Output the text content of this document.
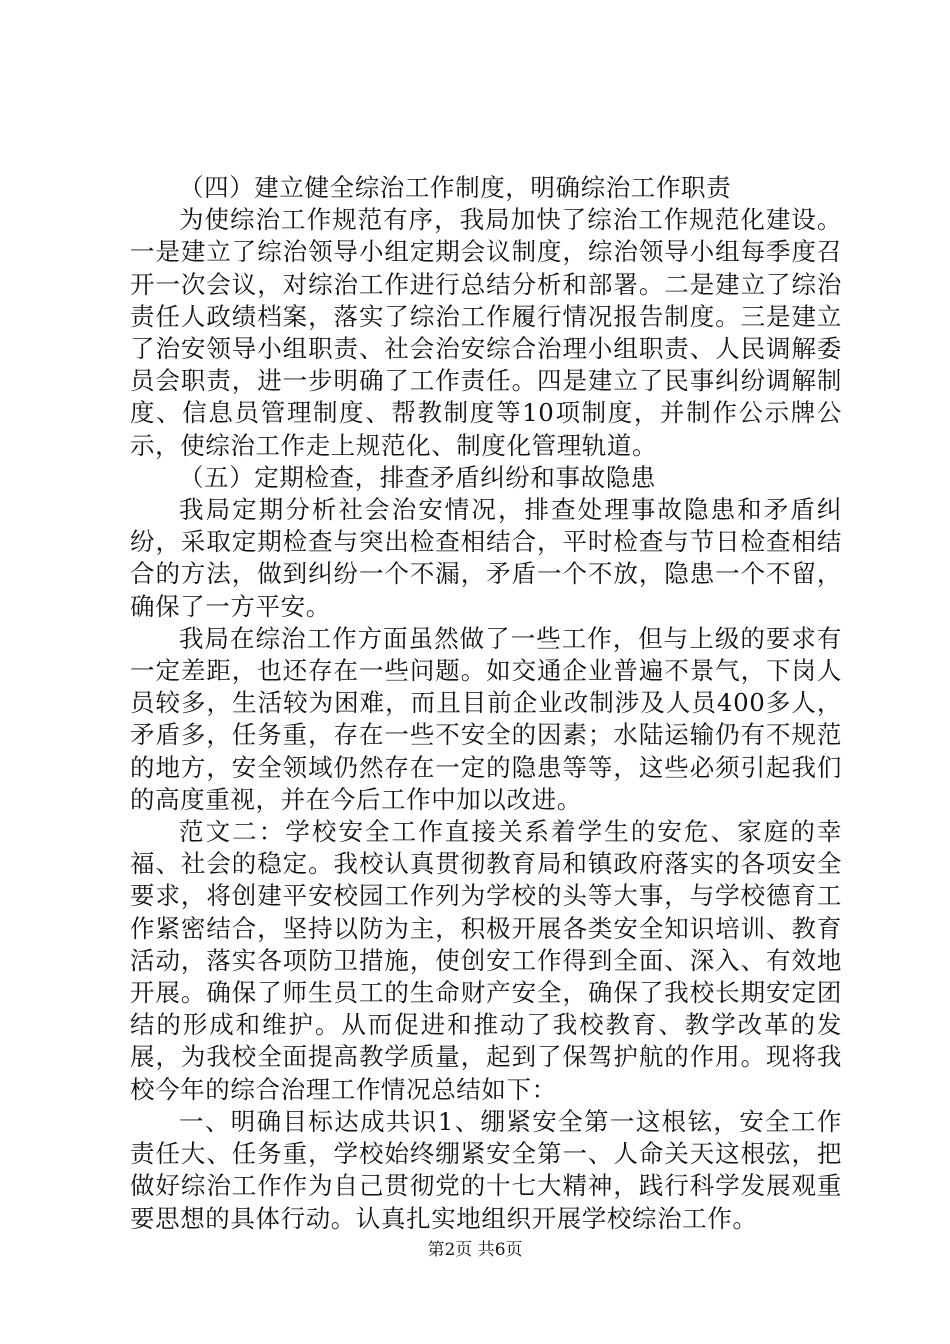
（四）建立健全综治工作制度，明确综治工作职责

为使综治工作规范有序，我局加快了综治工作规范化建设。一是建立了综治领导小组定期会议制度，综治领导小组每季度召开一次会议，对综治工作进行总结分析和部署。二是建立了综治责任人政绩档案，落实了综治工作履行情况报告制度。三是建立了治安领导小组职责、社会治安综合治理小组职责、人民调解委员会职责，进一步明确了工作责任。四是建立了民事纠纷调解制度、信息员管理制度、帮教制度等10项制度，并制作公示牌公示，使综治工作走上规范化、制度化管理轨道。

（五）定期检查，排查矛盾纠纷和事故隐患

我局定期分析社会治安情况，排查处理事故隐患和矛盾纠纷，采取定期检查与突出检查相结合，平时检查与节日检查相结合的方法，做到纠纷一个不漏，矛盾一个不放，隐患一个不留，确保了一方平安。

我局在综治工作方面虽然做了一些工作，但与上级的要求有一定差距，也还存在一些问题。如交通企业普遍不景气，下岗人员较多，生活较为困难，而且目前企业改制涉及人员400多人，矛盾多，任务重，存在一些不安全的因素；水陆运输仍有不规范的地方，安全领域仍然存在一定的隐患等等，这些必须引起我们的高度重视，并在今后工作中加以改进。

范文二：学校安全工作直接关系着学生的安危、家庭的幸福、社会的稳定。我校认真贯彻教育局和镇政府落实的各项安全要求，将创建平安校园工作列为学校的头等大事，与学校德育工作紧密结合，坚持以防为主，积极开展各类安全知识培训、教育活动，落实各项防卫措施，使创安工作得到全面、深入、有效地开展。确保了师生员工的生命财产安全，确保了我校长期安定团结的形成和维护。从而促进和推动了我校教育、教学改革的发展，为我校全面提高教学质量，起到了保驾护航的作用。现将我校今年的综合治理工作情况总结如下：

一、明确目标达成共识1、绷紧安全第一这根铉，安全工作责任大、任务重，学校始终绷紧安全第一、人命关天这根弦，把做好综治工作作为自己贯彻党的十七大精神，践行科学发展观重要思想的具体行动。认真扎实地组织开展学校综治工作。

第2页 共6页
